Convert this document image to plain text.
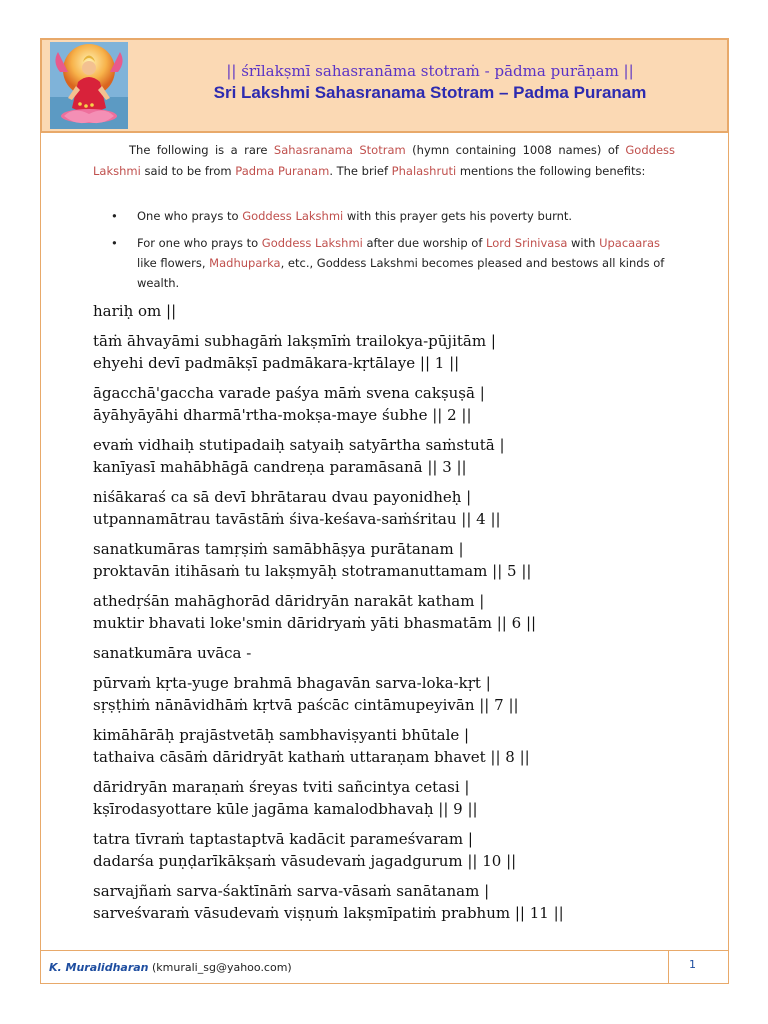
|| śrīlakṣmī sahasranāma stotraṁ - pādma purāṇam ||
Sri Lakshmi Sahasranama Stotram – Padma Puranam

The following is a rare Sahasranama Stotram (hymn containing 1008 names) of Goddess Lakshmi said to be from Padma Puranam. The brief Phalashruti mentions the following benefits:

• One who prays to Goddess Lakshmi with this prayer gets his poverty burnt.
• For one who prays to Goddess Lakshmi after due worship of Lord Srinivasa with Upacaaras like flowers, Madhuparka, etc., Goddess Lakshmi becomes pleased and bestows all kinds of wealth.
hariḥ om ||
tāṁ āhvayāmi subhagāṁ lakṣmīṁ trailokya-pūjitām |
ehyehi devī padmākṣī padmākara-kṛtālaye || 1 ||
āgacchā'gaccha varade paśya māṁ svena cakṣuṣā |
āyāhyāyāhi dharmā'rtha-mokṣa-maye śubhe || 2 ||
evaṁ vidhaiḥ stutipadaiḥ satyaiḥ satyārtha saṁstutā |
kanīyasī mahābhāgā candreṇa paramāsanā || 3 ||
niśākaraś ca sā devī bhrātarau dvau payonidheḥ |
utpannamātrau tavāstāṁ śiva-keśava-saṁśritau || 4 ||
sanatkumāras tamṛṣiṁ samābhāṣya purātanam |
proktavān itihāsaṁ tu lakṣmyāḥ stotramanuttamam || 5 ||
athedṛśān mahāghorād dāridryān narakāt katham |
muktir bhavati loke'smin dāridryaṁ yāti bhasmatām || 6 ||
sanatkumāra uvāca -
pūrvaṁ kṛta-yuge brahmā bhagavān sarva-loka-kṛt |
sṛṣṭhiṁ nānāvidhāṁ kṛtvā paścāc cintāmupeyivān || 7 ||
kimāhārāḥ prajāstvetāḥ sambhaviṣyanti bhūtale |
tathaiva cāsāṁ dāridryāt kathaṁ uttaraṇam bhavet || 8 ||
dāridryān maraṇaṁ śreyas tviti sañcintya cetasi |
kṣīrodasyottare kūle jagāma kamalodbhavaḥ || 9 ||
tatra tīvraṁ taptastaptvā kadācit parameśvaram |
dadarśa puṇḍarīkākṣaṁ vāsudevaṁ jagadgurum || 10 ||
sarvajñaṁ sarva-śaktīnāṁ sarva-vāsaṁ sanātanam |
sarveśvaraṁ vāsudevaṁ viṣṇuṁ lakṣmīpatiṁ prabhum || 11 ||
K. Muralidharan (kmurali_sg@yahoo.com)	1
